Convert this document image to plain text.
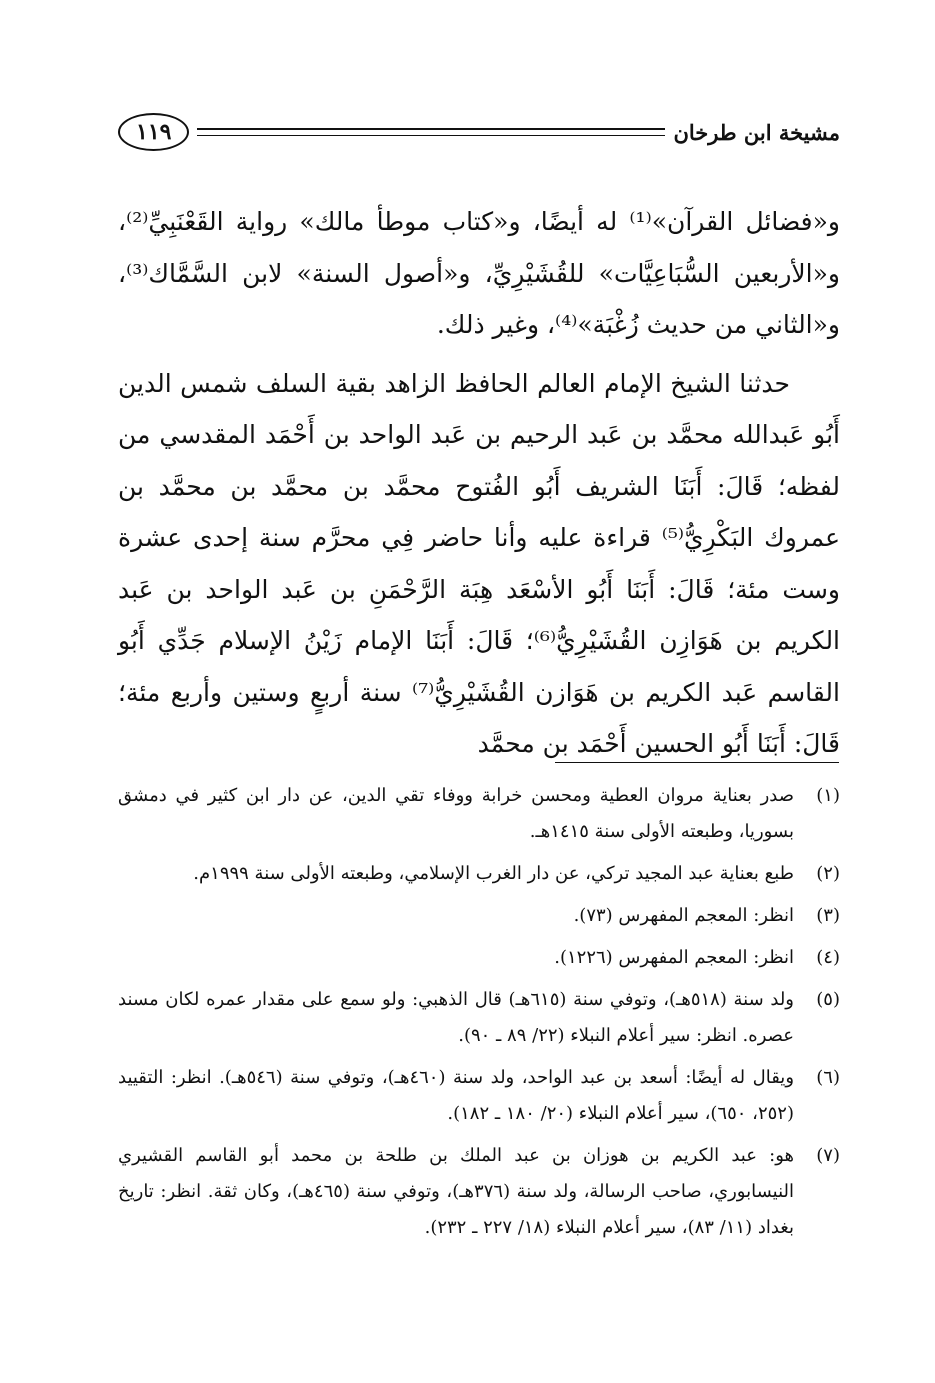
مشيخة ابن طرخان
١١٩

و«فضائل القرآن»⁽¹⁾ له أيضًا، و«كتاب موطأ مالك» رواية القَعْنَبِيِّ⁽²⁾، و«الأربعين السُّبَاعِيَّات» للقُشَيْرِيِّ، و«أصول السنة» لابن السَّمَّاك⁽³⁾، و«الثاني من حديث زُغْبَة»⁽⁴⁾، وغير ذلك.

حدثنا الشيخ الإمام العالم الحافظ الزاهد بقية السلف شمس الدين أَبُو عَبدالله محمَّد بن عَبد الرحيم بن عَبد الواحد بن أَحْمَد المقدسي من لفظه؛ قَالَ: أَبَنَا الشريف أَبُو الفُتوح محمَّد بن محمَّد بن محمَّد بن عمروك البَكْرِيُّ⁽⁵⁾ قراءة عليه وأنا حاضر فِي محرَّم سنة إحدى عشرة وست مئة؛ قَالَ: أَبَنَا أَبُو الأسْعَد هِبَة الرَّحْمَنِ بن عَبد الواحد بن عَبد الكريم بن هَوَازِن القُشَيْرِيُّ⁽⁶⁾؛ قَالَ: أَبَنَا الإمام زَيْنُ الإسلام جَدِّي أَبُو القاسم عَبد الكريم بن هَوَازن القُشَيْرِيُّ⁽⁷⁾ سنة أربعٍ وستين وأربع مئة؛ قَالَ: أَبَنَا أَبُو الحسين أَحْمَد بن محمَّد

(١)
صدر بعناية مروان العطية ومحسن خرابة ووفاء تقي الدين، عن دار ابن كثير في دمشق بسوريا، وطبعته الأولى سنة ١٤١٥هـ.
(٢)
طبع بعناية عبد المجيد تركي، عن دار الغرب الإسلامي، وطبعته الأولى سنة ١٩٩٩م.
(٣)
انظر: المعجم المفهرس (٧٣).
(٤)
انظر: المعجم المفهرس (١٢٢٦).
(٥)
ولد سنة (٥١٨هـ)، وتوفي سنة (٦١٥هـ) قال الذهبي: ولو سمع على مقدار عمره لكان مسند عصره. انظر: سير أعلام النبلاء (٢٢/ ٨٩ ـ ٩٠).
(٦)
ويقال له أيضًا: أسعد بن عبد الواحد، ولد سنة (٤٦٠هـ)، وتوفي سنة (٥٤٦هـ). انظر: التقييد (٢٥٢، ٦٥٠)، سير أعلام النبلاء (٢٠/ ١٨٠ ـ ١٨٢).
(٧)
هو: عبد الكريم بن هوزان بن عبد الملك بن طلحة بن محمد أبو القاسم القشيري النيسابوري، صاحب الرسالة، ولد سنة (٣٧٦هـ)، وتوفي سنة (٤٦٥هـ)، وكان ثقة. انظر: تاريخ بغداد (١١/ ٨٣)، سير أعلام النبلاء (١٨/ ٢٢٧ ـ ٢٣٢).
